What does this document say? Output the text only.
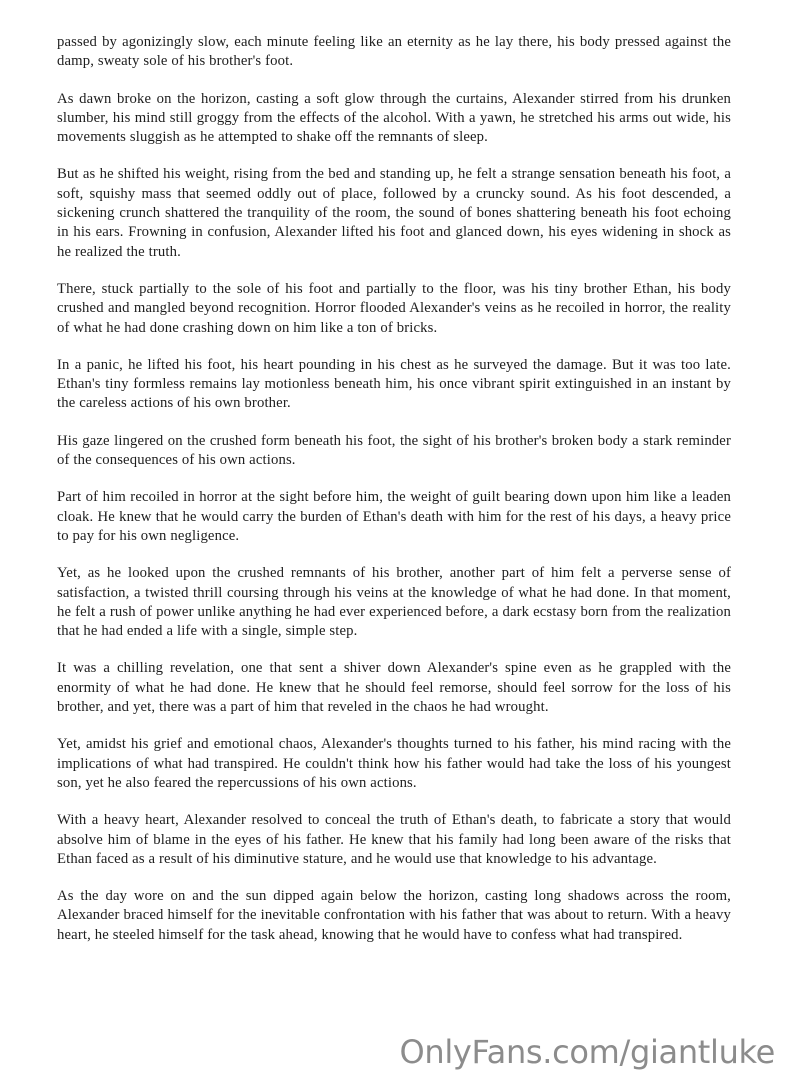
passed by agonizingly slow, each minute feeling like an eternity as he lay there, his body pressed against the damp, sweaty sole of his brother's foot.

As dawn broke on the horizon, casting a soft glow through the curtains, Alexander stirred from his drunken slumber, his mind still groggy from the effects of the alcohol. With a yawn, he stretched his arms out wide, his movements sluggish as he attempted to shake off the remnants of sleep.

But as he shifted his weight, rising from the bed and standing up, he felt a strange sensation beneath his foot, a soft, squishy mass that seemed oddly out of place, followed by a cruncky sound. As his foot descended, a sickening crunch shattered the tranquility of the room, the sound of bones shattering beneath his foot echoing in his ears. Frowning in confusion, Alexander lifted his foot and glanced down, his eyes widening in shock as he realized the truth.

There, stuck partially to the sole of his foot and partially to the floor, was his tiny brother Ethan, his body crushed and mangled beyond recognition. Horror flooded Alexander's veins as he recoiled in horror, the reality of what he had done crashing down on him like a ton of bricks.

In a panic, he lifted his foot, his heart pounding in his chest as he surveyed the damage. But it was too late. Ethan's tiny formless remains lay motionless beneath him, his once vibrant spirit extinguished in an instant by the careless actions of his own brother.

His gaze lingered on the crushed form beneath his foot, the sight of his brother's broken body a stark reminder of the consequences of his own actions.

Part of him recoiled in horror at the sight before him, the weight of guilt bearing down upon him like a leaden cloak. He knew that he would carry the burden of Ethan's death with him for the rest of his days, a heavy price to pay for his own negligence.

Yet, as he looked upon the crushed remnants of his brother, another part of him felt a perverse sense of satisfaction, a twisted thrill coursing through his veins at the knowledge of what he had done. In that moment, he felt a rush of power unlike anything he had ever experienced before, a dark ecstasy born from the realization that he had ended a life with a single, simple step.

It was a chilling revelation, one that sent a shiver down Alexander's spine even as he grappled with the enormity of what he had done. He knew that he should feel remorse, should feel sorrow for the loss of his brother, and yet, there was a part of him that reveled in the chaos he had wrought.

Yet, amidst his grief and emotional chaos, Alexander's thoughts turned to his father, his mind racing with the implications of what had transpired. He couldn't think how his father would had take the loss of his youngest son, yet he also feared the repercussions of his own actions.

With a heavy heart, Alexander resolved to conceal the truth of Ethan's death, to fabricate a story that would absolve him of blame in the eyes of his father. He knew that his family had long been aware of the risks that Ethan faced as a result of his diminutive stature, and he would use that knowledge to his advantage.

As the day wore on and the sun dipped again below the horizon, casting long shadows across the room, Alexander braced himself for the inevitable confrontation with his father that was about to return. With a heavy heart, he steeled himself for the task ahead, knowing that he would have to confess what had transpired.

OnlyFans.com/giantluke
